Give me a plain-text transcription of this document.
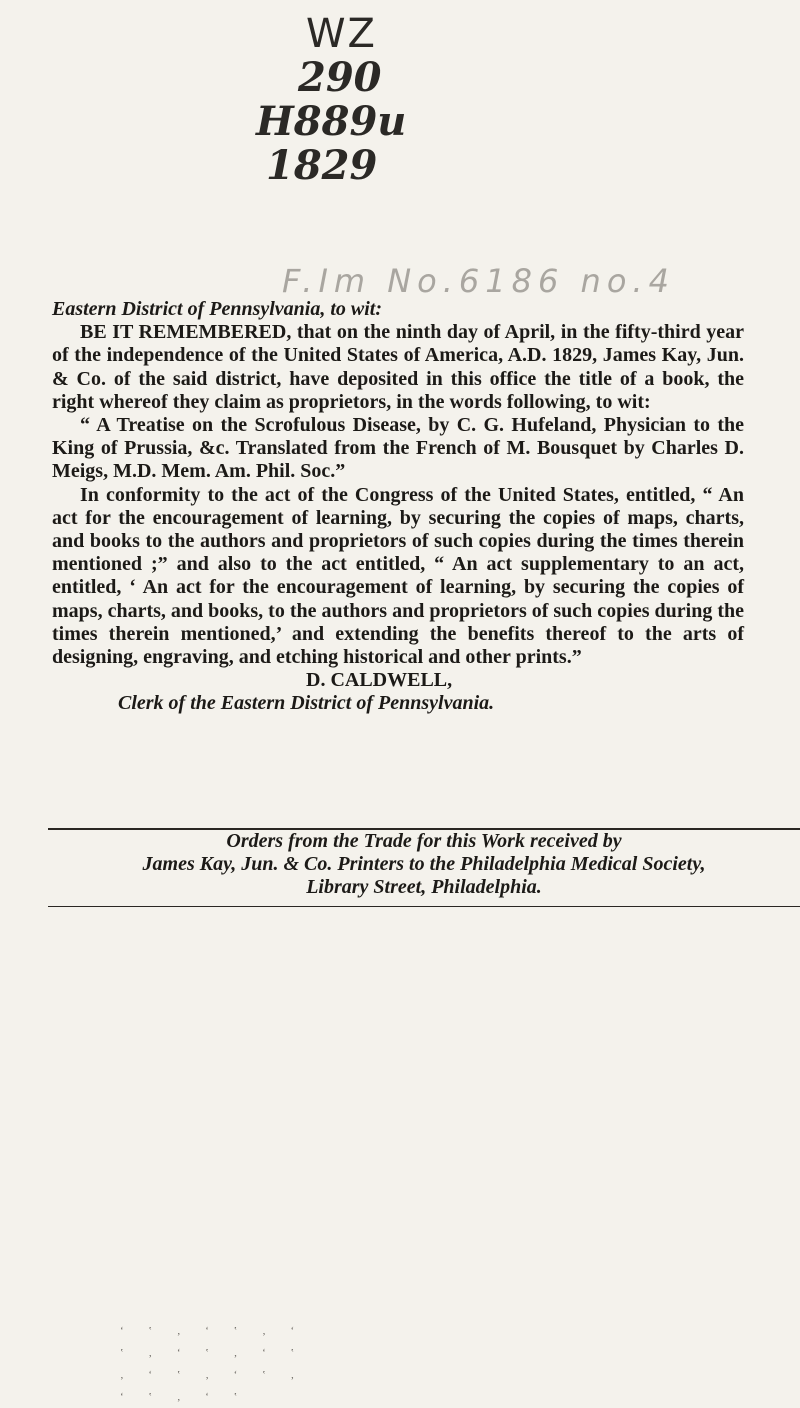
WZ
290
H889u
1829
F.Im No.6186 no.4

Eastern District of Pennsylvania, to wit:

BE IT REMEMBERED, that on the ninth day of April, in the fifty-third year of the independence of the United States of America, A.D. 1829, James Kay, Jun. & Co. of the said district, have deposited in this office the title of a book, the right whereof they claim as proprietors, in the words following, to wit:

“ A Treatise on the Scrofulous Disease, by C. G. Hufeland, Physician to the King of Prussia, &c. Translated from the French of M. Bousquet by Charles D. Meigs, M.D. Mem. Am. Phil. Soc.”

In conformity to the act of the Congress of the United States, entitled, “ An act for the encouragement of learning, by securing the copies of maps, charts, and books to the authors and proprietors of such copies during the times therein mentioned ;” and also to the act entitled, “ An act supplementary to an act, entitled, ‘ An act for the encouragement of learning, by securing the copies of maps, charts, and books, to the authors and proprietors of such copies during the times therein mentioned,’ and extending the benefits thereof to the arts of designing, engraving, and etching historical and other prints.”

D. CALDWELL,

Clerk of the Eastern District of Pennsylvania.

Orders from the Trade for this Work received by

James Kay, Jun. & Co. Printers to the Philadelphia Medical Society,

Library Street, Philadelphia.

ʻ ‛ ‚ ʻ ‛ ‚ ʻ ‛ ‚ ʻ ‛ ‚ ʻ ‛ ‚ ʻ ‛ ‚ ʻ ‛ ‚ ʻ ‛ ‚ ʻ ‛
